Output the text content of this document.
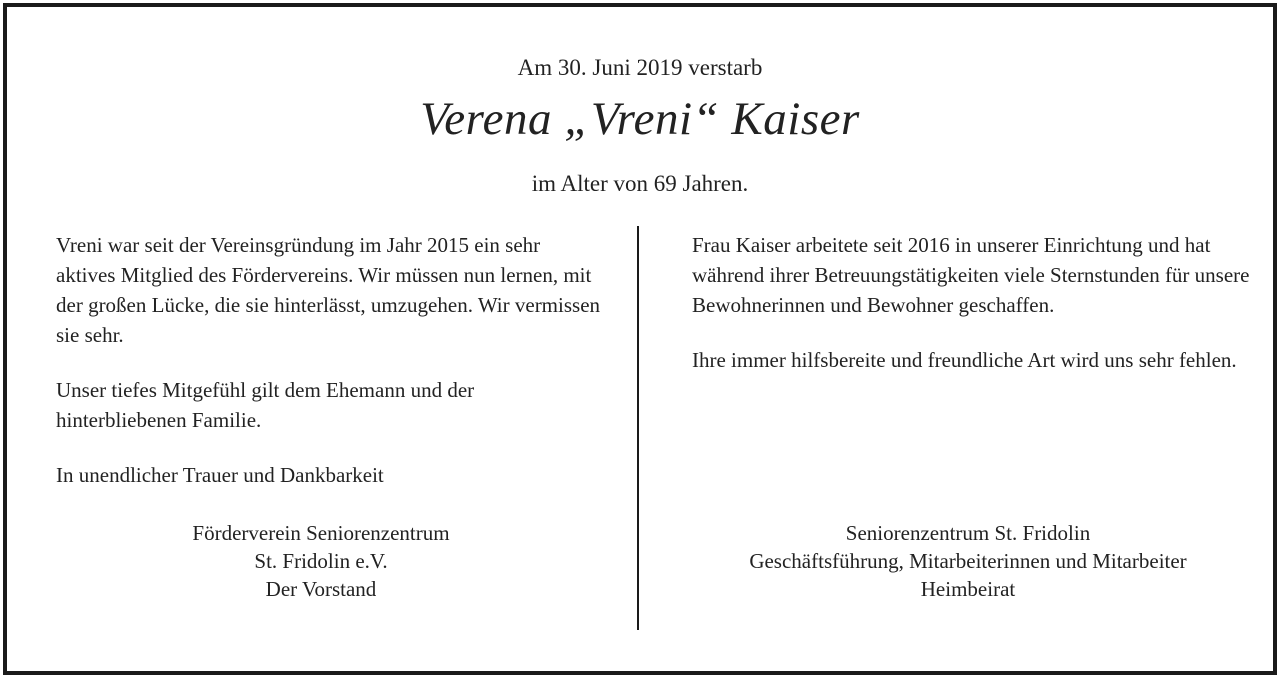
Am 30. Juni 2019 verstarb
Verena „Vreni“ Kaiser
im Alter von 69 Jahren.

Vreni war seit der Vereinsgründung im Jahr 2015 ein sehr aktives Mitglied des Fördervereins. Wir müssen nun lernen, mit der großen Lücke, die sie hinterlässt, umzugehen. Wir vermissen sie sehr.

Unser tiefes Mitgefühl gilt dem Ehemann und der hinterbliebenen Familie.

In unendlicher Trauer und Dankbarkeit

Förderverein Seniorenzentrum
St. Fridolin e.V.
Der Vorstand

Frau Kaiser arbeitete seit 2016 in unserer Einrichtung und hat während ihrer Betreuungstätigkeiten viele Sternstunden für unsere Bewohnerinnen und Bewohner geschaffen.

Ihre immer hilfsbereite und freundliche Art wird uns sehr fehlen.

Seniorenzentrum St. Fridolin
Geschäftsführung, Mitarbeiterinnen und Mitarbeiter
Heimbeirat
